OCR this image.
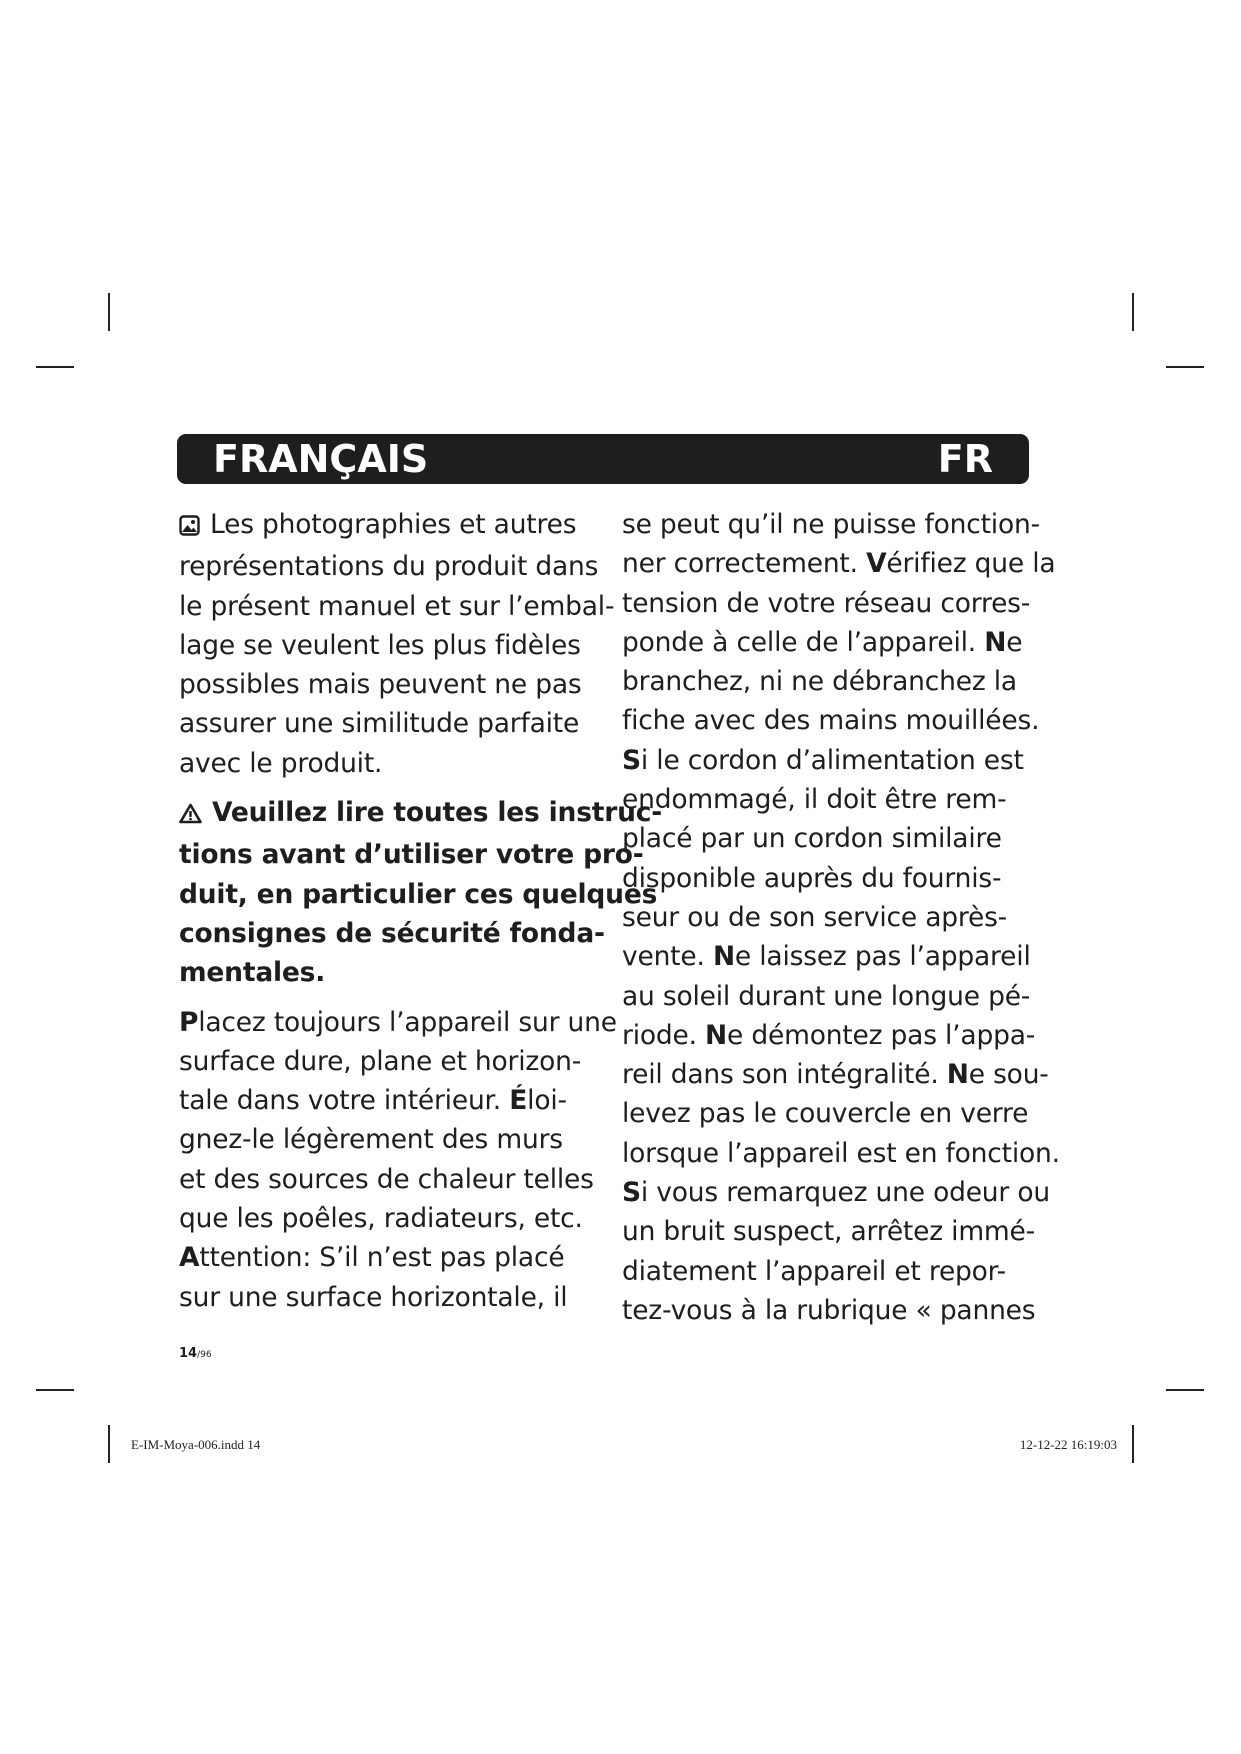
FRANÇAIS	FR

Les photographies et autres
représentations du produit dans
le présent manuel et sur l’embal-
lage se veulent les plus fidèles
possibles mais peuvent ne pas
assurer une similitude parfaite
avec le produit.

Veuillez lire toutes les instruc-
tions avant d’utiliser votre pro-
duit, en particulier ces quelques
consignes de sécurité fonda-
mentales.

Placez toujours l’appareil sur une
surface dure, plane et horizon-
tale dans votre intérieur. Éloi-
gnez-le légèrement des murs
et des sources de chaleur telles
que les poêles, radiateurs, etc.
Attention: S’il n’est pas placé
sur une surface horizontale, il

se peut qu’il ne puisse fonction-
ner correctement. Vérifiez que la
tension de votre réseau corres-
ponde à celle de l’appareil. Ne
branchez, ni ne débranchez la
fiche avec des mains mouillées.
Si le cordon d’alimentation est
endommagé, il doit être rem-
placé par un cordon similaire
disponible auprès du fournis-
seur ou de son service après-
vente. Ne laissez pas l’appareil
au soleil durant une longue pé-
riode. Ne démontez pas l’appa-
reil dans son intégralité. Ne sou-
levez pas le couvercle en verre
lorsque l’appareil est en fonction.
Si vous remarquez une odeur ou
un bruit suspect, arrêtez immé-
diatement l’appareil et repor-
tez-vous à la rubrique « pannes

14/96
E-IM-Moya-006.indd 14	12-12-22 16:19:03
